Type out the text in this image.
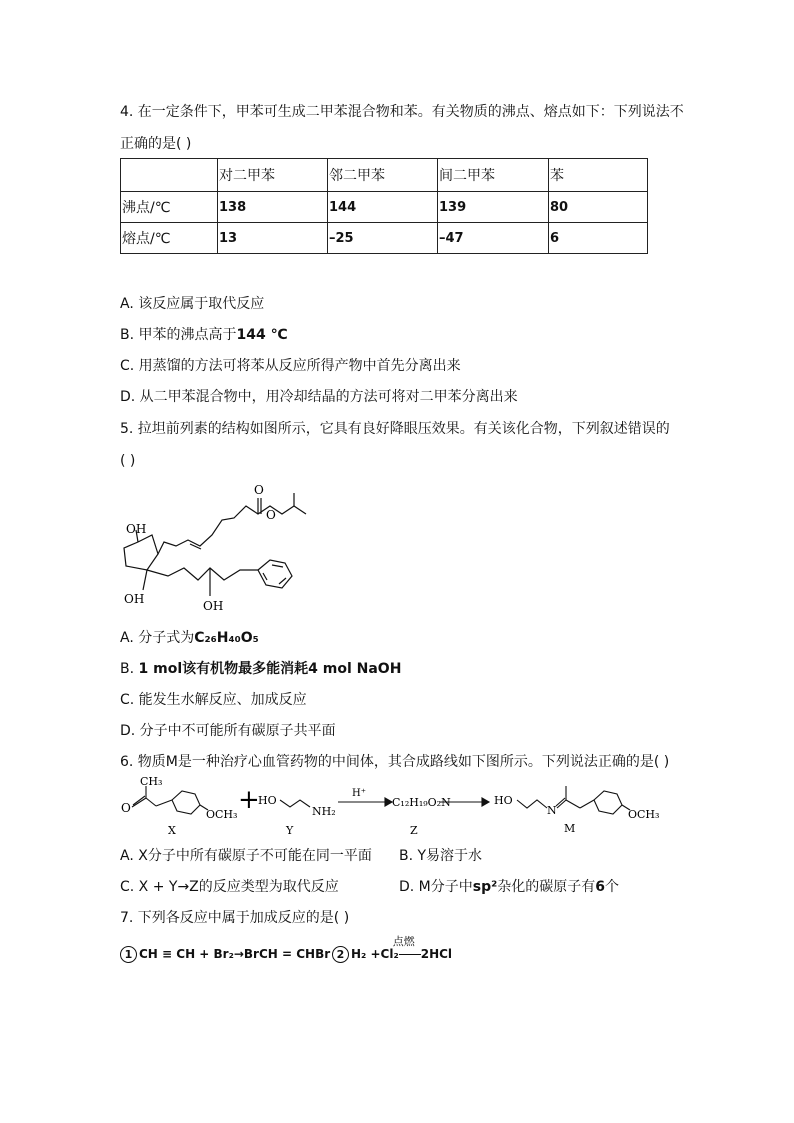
4. 在一定条件下，甲苯可生成二甲苯混合物和苯。有关物质的沸点、熔点如下：下列说法不
正确的是( )
	对二甲苯	邻二甲苯	间二甲苯	苯
沸点/℃	138	144	139	80
熔点/℃	13	–25	–47	6
A. 该反应属于取代反应
B. 甲苯的沸点高于144 ℃
C. 用蒸馏的方法可将苯从反应所得产物中首先分离出来
D. 从二甲苯混合物中，用冷却结晶的方法可将对二甲苯分离出来
5. 拉坦前列素的结构如图所示，它具有良好降眼压效果。有关该化合物，下列叙述错误的
( )
OH
OH	OH
O
O
A. 分子式为C₂₆H₄₀O₅
B. 1 mol该有机物最多能消耗4 mol NaOH
C. 能发生水解反应、加成反应
D. 分子中不可能所有碳原子共平面
6. 物质M是一种治疗心血管药物的中间体，其合成路线如下图所示。下列说法正确的是( )
CH₃
O	OCH₃
X
+
HO
NH₂
Y
H⁺
C₁₂H₁₉O₂N
Z
HO
N	OCH₃
M
A. X分子中所有碳原子不可能在同一平面 B. Y易溶于水
C. X + Y→Z的反应类型为取代反应	D. M分子中sp²杂化的碳原子有6个
7. 下列各反应中属于加成反应的是( )
1 CH ≡ CH + Br₂→BrCH = CHBr 2 H₂ +Cl₂
点燃
2HCl
